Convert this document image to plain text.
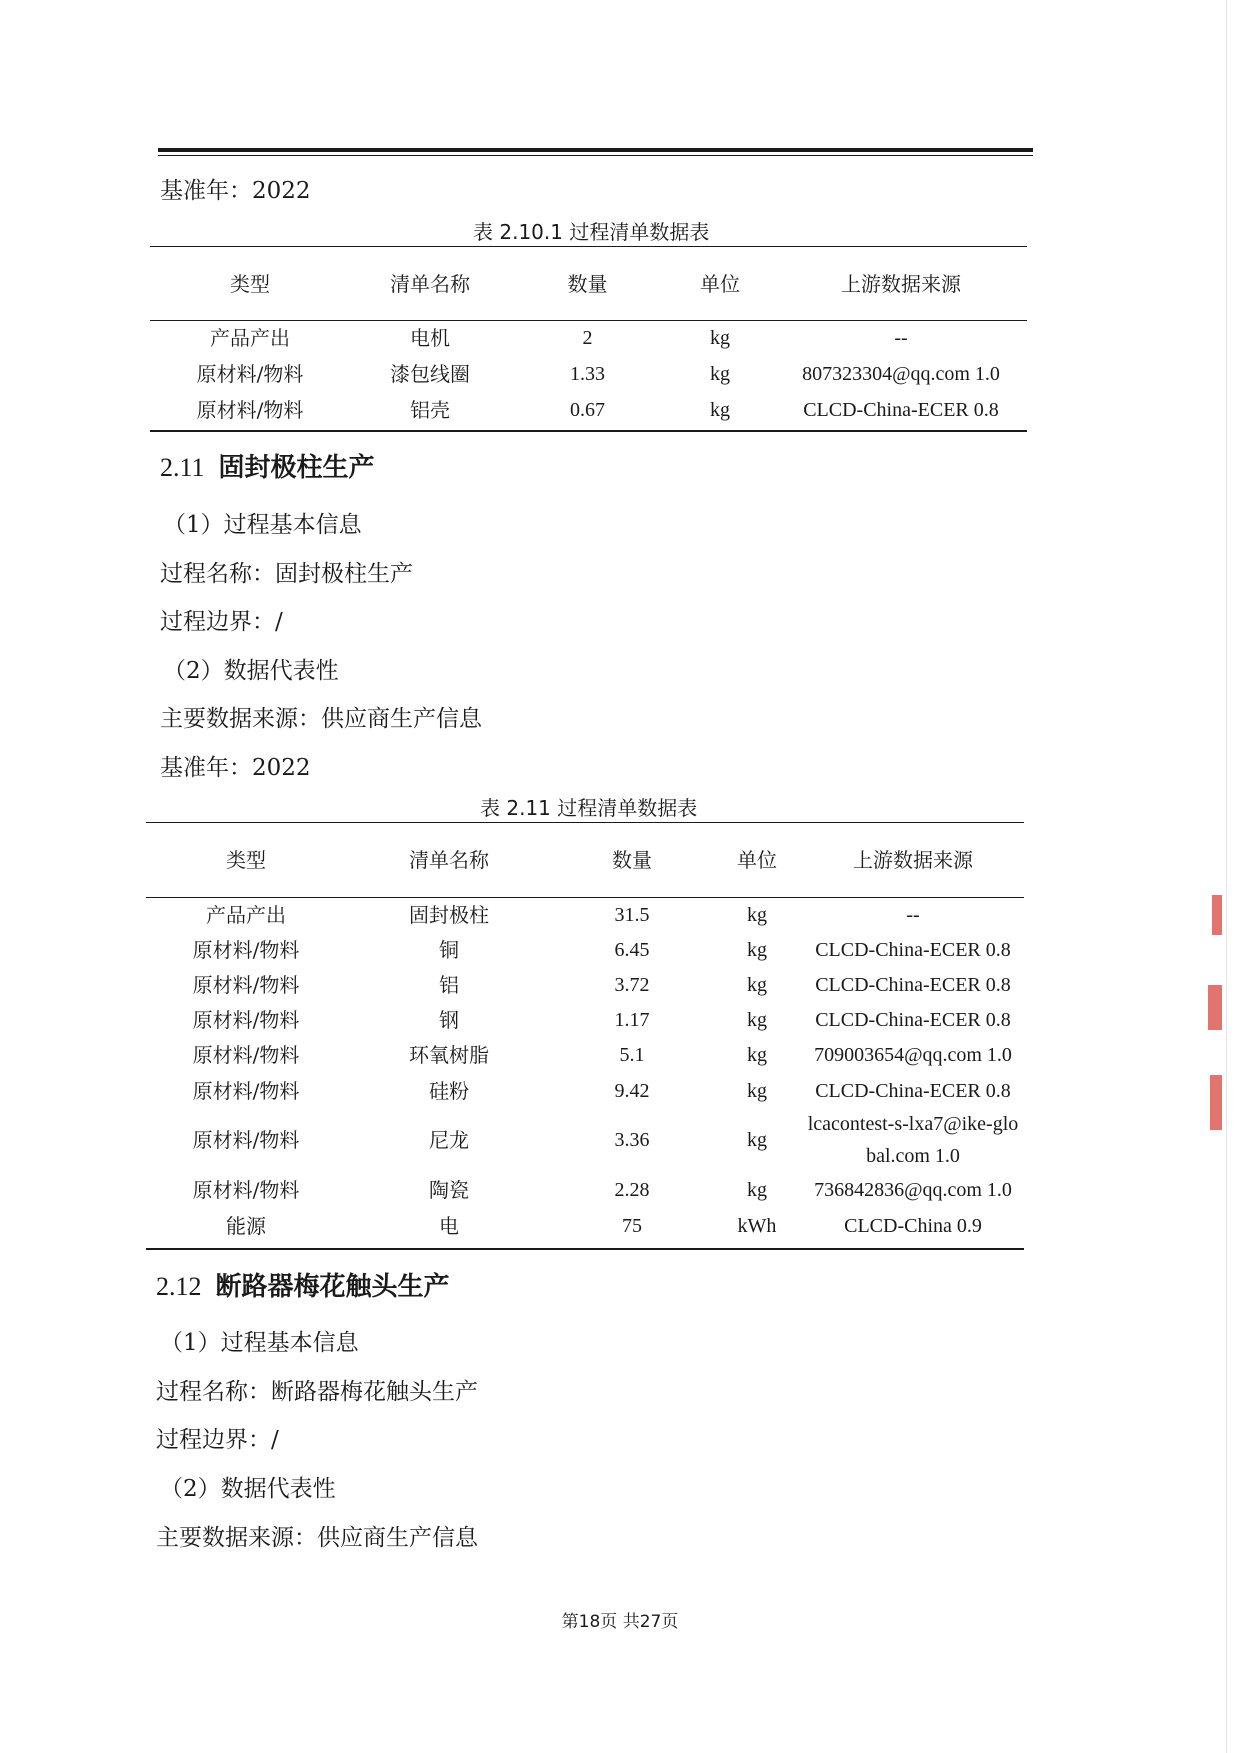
基准年：2022
表 2.10.1 过程清单数据表
类型	清单名称	数量	单位	上游数据来源
产品产出	电机	2	kg	--
原材料/物料	漆包线圈	1.33	kg	807323304@qq.com 1.0
原材料/物料	铝壳	0.67	kg	CLCD-China-ECER 0.8
2.11 固封极柱生产
（1）过程基本信息
过程名称：固封极柱生产
过程边界：/
（2）数据代表性
主要数据来源：供应商生产信息
基准年：2022
表 2.11 过程清单数据表
类型	清单名称	数量	单位	上游数据来源
产品产出	固封极柱	31.5	kg	--
原材料/物料	铜	6.45	kg	CLCD-China-ECER 0.8
原材料/物料	铝	3.72	kg	CLCD-China-ECER 0.8
原材料/物料	钢	1.17	kg	CLCD-China-ECER 0.8
原材料/物料	环氧树脂	5.1	kg	709003654@qq.com 1.0
原材料/物料	硅粉	9.42	kg	CLCD-China-ECER 0.8
原材料/物料	尼龙	3.36	kg	lcacontest-s-lxa7@ike-global.com 1.0
原材料/物料	陶瓷	2.28	kg	736842836@qq.com 1.0
能源	电	75	kWh	CLCD-China 0.9
2.12 断路器梅花触头生产
（1）过程基本信息
过程名称：断路器梅花触头生产
过程边界：/
（2）数据代表性
主要数据来源：供应商生产信息
第18页 共27页
